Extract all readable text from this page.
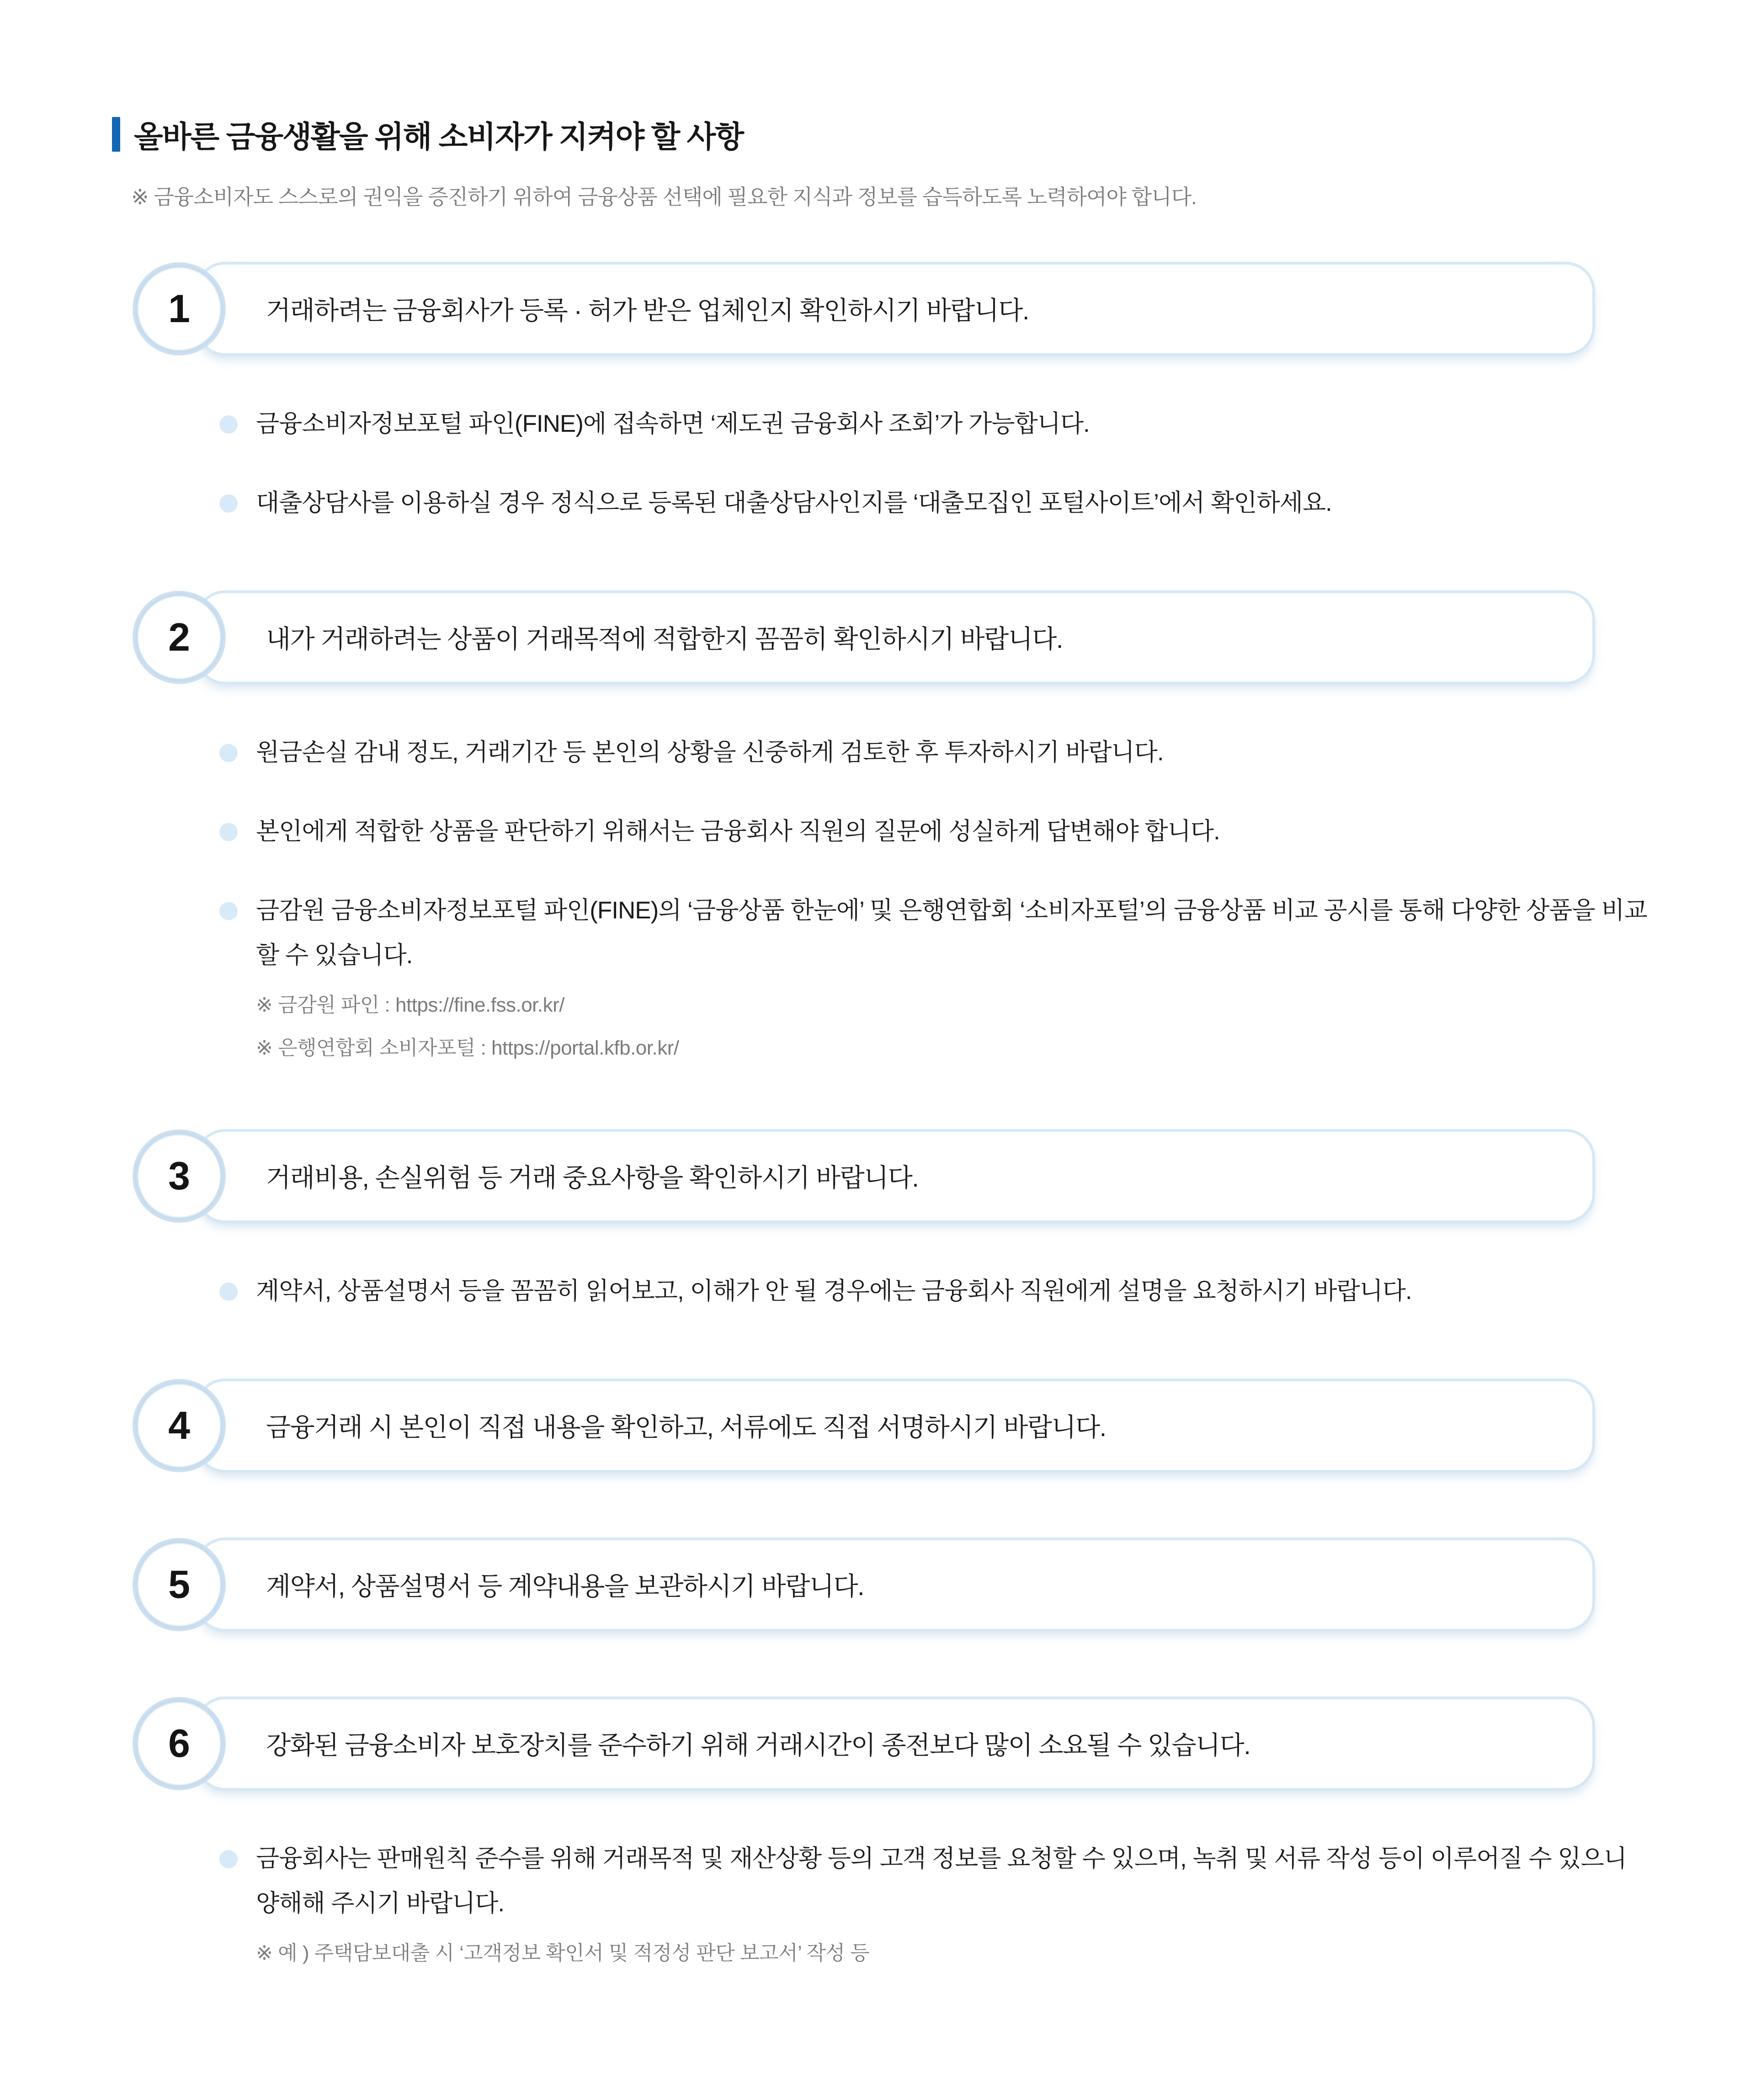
올바른 금융생활을 위해 소비자가 지켜야 할 사항

※ 금융소비자도 스스로의 권익을 증진하기 위하여 금융상품 선택에 필요한 지식과 정보를 습득하도록 노력하여야 합니다.

1	거래하려는 금융회사가 등록 · 허가 받은 업체인지 확인하시기 바랍니다.

금융소비자정보포털 파인(FINE)에 접속하면 ‘제도권 금융회사 조회’가 가능합니다.

대출상담사를 이용하실 경우 정식으로 등록된 대출상담사인지를 ‘대출모집인 포털사이트’에서 확인하세요.

2	내가 거래하려는 상품이 거래목적에 적합한지 꼼꼼히 확인하시기 바랍니다.

원금손실 감내 정도, 거래기간 등 본인의 상황을 신중하게 검토한 후 투자하시기 바랍니다.

본인에게 적합한 상품을 판단하기 위해서는 금융회사 직원의 질문에 성실하게 답변해야 합니다.

금감원 금융소비자정보포털 파인(FINE)의 ‘금융상품 한눈에’ 및 은행연합회 ‘소비자포털’의 금융상품 비교 공시를 통해 다양한 상품을 비교할 수 있습니다.

※ 금감원 파인 : https://fine.fss.or.kr/

※ 은행연합회 소비자포털 : https://portal.kfb.or.kr/

3	거래비용, 손실위험 등 거래 중요사항을 확인하시기 바랍니다.

계약서, 상품설명서 등을 꼼꼼히 읽어보고, 이해가 안 될 경우에는 금융회사 직원에게 설명을 요청하시기 바랍니다.

4	금융거래 시 본인이 직접 내용을 확인하고, 서류에도 직접 서명하시기 바랍니다.

5	계약서, 상품설명서 등 계약내용을 보관하시기 바랍니다.

6	강화된 금융소비자 보호장치를 준수하기 위해 거래시간이 종전보다 많이 소요될 수 있습니다.

금융회사는 판매원칙 준수를 위해 거래목적 및 재산상황 등의 고객 정보를 요청할 수 있으며, 녹취 및 서류 작성 등이 이루어질 수 있으니 양해해 주시기 바랍니다.

※ 예 ) 주택담보대출 시 ‘고객정보 확인서 및 적정성 판단 보고서’ 작성 등
